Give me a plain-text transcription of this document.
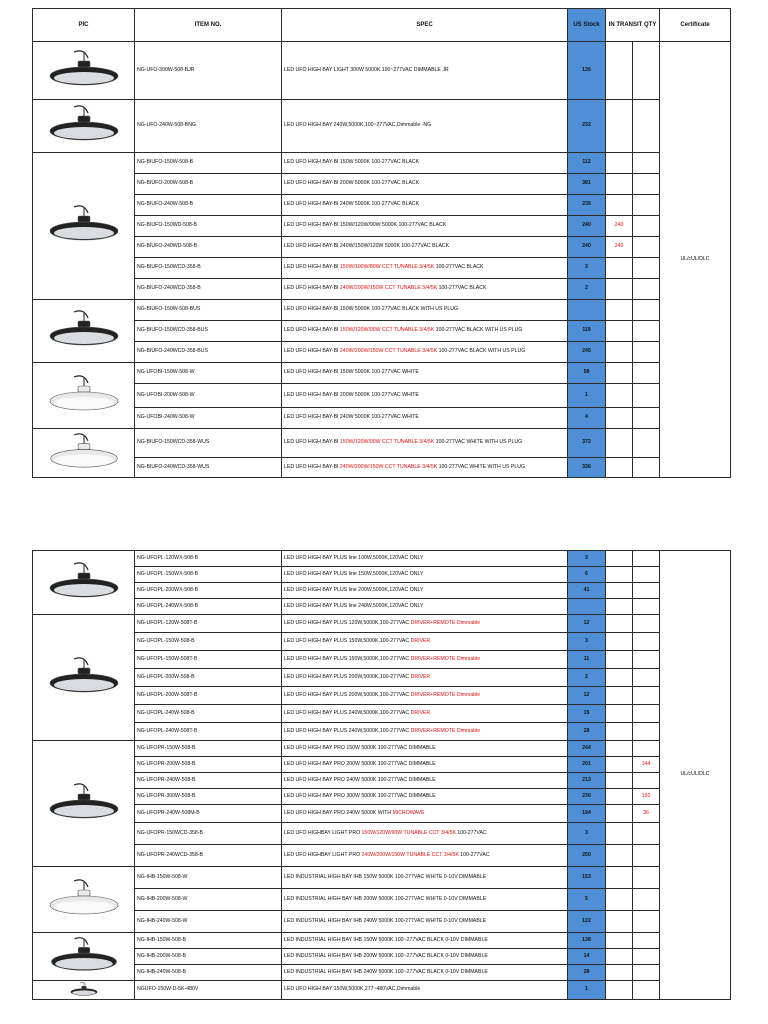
PIC	ITEM NO.	SPEC	US Stock	IN TRANSIT QTY		Certificate

	NG-UFO-300W-508-BJR	LED UFO HIGH BAY LIGHT 300W 5000K 100~277VAC DIMMABLE JR	136			UL/cUL/DLC

	NG-UFO-240W-508-BNG	LED UFO HIGH BAY 240W,5000K,100~277VAC,Dimmable -NG	232			

	NG-BIUFO-150W-508-B	LED UFO HIGH BAY-BI 150W 5000K 100-277VAC BLACK	112			
	NG-BIUFO-200W-508-B	LED UFO HIGH BAY-BI 200W 5000K 100-277VAC BLACK	381			
	NG-BIUFO-240W-508-B	LED UFO HIGH BAY-BI 240W 5000K 100-277VAC BLACK	235			
	NG-BIUFO-150WD-508-B	LED UFO HIGH BAY-BI 150W/120W/90W 5000K 100-277VAC BLACK	240	240		
	NG-BIUFO-240WD-508-B	LED UFO HIGH BAY-BI 240W/150W/120W 5000K 100-277VAC BLACK	240	240		
	NG-BIUFO-150WCD-358-B	LED UFO HIGH BAY-BI 150W/100W/80W CCT TUNABLE 3/4/5K 100-277VAC BLACK	3			
	NG-BIUFO-240WCD-358-B	LED UFO HIGH BAY-BI 240W/200W/150W CCT TUNABLE 3/4/5K 100-277VAC BLACK	2			

	NG-BIUFO-150W-508-BUS	LED UFO HIGH BAY-BI 150W 5000K 100-277VAC BLACK WITH US PLUG				
	NG-BIUFO-150WCD-358-BUS	LED UFO HIGH BAY-BI 150W/120W/90W CCT TUNABLE 3/4/5K 100-277VAC BLACK WITH US PLUG	119			
	NG-BIUFO-240WCD-358-BUS	LED UFO HIGH BAY-BI 240W/200W/150W CCT TUNABLE 3/4/5K 100-277VAC BLACK WITH US PLUG	245			

	NG-UFOBI-150W-508-W	LED UFO HIGH BAY-BI 150W 5000K 100-277VAC WHITE	58			
	NG-UFOBI-200W-508-W	LED UFO HIGH BAY-BI 200W 5000K 100-277VAC WHITE	1			
	NG-UFOBI-240W-508-W	LED UFO HIGH BAY-BI 240W 5000K 100-277VAC WHITE	4			

	NG-BIUFO-150WCD-358-WUS	LED UFO HIGH BAY-BI 150W/120W/90W CCT TUNABLE 3/4/5K 100-277VAC WHITE WITH US PLUG	372			
	NG-BIUFO-240WCD-358-WUS	LED UFO HIGH BAY-BI 240W/200W/150W CCT TUNABLE 3/4/5K 100-277VAC WHITE WITH US PLUG	336			
	NG-UFOPL-120WX-508-B	LED UFO HIGH BAY PLUS line 100W,5000K,120VAC ONLY	3			UL/cUL/DLC
	NG-UFOPL-150WX-508-B	LED UFO HIGH BAY PLUS line 150W,5000K,120VAC ONLY	6			
	NG-UFOPL-200WX-508-B	LED UFO HIGH BAY PLUS line 200W,5000K,120VAC ONLY	41			
	NG-UFOPL-240WX-508-B	LED UFO HIGH BAY PLUS line 240W,5000K,120VAC ONLY				

	NG-UFOPL-120W-508T-B	LED UFO HIGH BAY PLUS 120W,5000K,100-277VAC DRIVER+REMOTE Dimmable	12			
	NG-UFOPL-150W-508-B	LED UFO HIGH BAY PLUS 150W,5000K,100-277VAC DRIVER	3			
	NG-UFOPL-150W-508T-B	LED UFO HIGH BAY PLUS 150W,5000K,100-277VAC DRIVER+REMOTE Dimmable	11			
	NG-UFOPL-200W-508-B	LED UFO HIGH BAY PLUS 200W,5000K,100-277VAC DRIVER	2			
	NG-UFOPL-200W-508T-B	LED UFO HIGH BAY PLUS 200W,5000K,100-277VAC DRIVER+REMOTE Dimmable	12			
	NG-UFOPL-240W-508-B	LED UFO HIGH BAY PLUS 240W,5000K,100-277VAC DRIVER	15			
	NG-UFOPL-240W-508T-B	LED UFO HIGH BAY PLUS 240W,5000K,100-277VAC DRIVER+REMOTE Dimmable	28			

	NG-UFOPR-150W-508-B	LED UFO HIGH BAY PRO 150W 5000K 100-277VAC DIMMABLE	244			
	NG-UFOPR-200W-508-B	LED UFO HIGH BAY PRO 200W 5000K 100-277VAC DIMMABLE	201		144	
	NG-UFOPR-240W-508-B	LED UFO HIGH BAY PRO 240W 5000K 100-277VAC DIMMABLE	213			
	NG-UFOPR-300W-508-B	LED UFO HIGH BAY PRO 300W 5000K 100-277VAC DIMMABLE	230		150	
	NG-UFOPR-240W-508M-B	LED UFO HIGH BAY PRO 240W 5000K WITH MICROWAVE	194		36	
	NG-UFOPR-150WCD-358-B	LED UFO HIGHBAY LIGHT PRO 150W/120W/90W TUNABLE CCT 3/4/5K 100-277VAC	3			
	NG-UFOPR-240WCD-358-B	LED UFO HIGHBAY LIGHT PRO 240W/200W/150W TUNABLE CCT 3/4/5K 100-277VAC	250			

	NG-IHB-150W-508-W	LED INDUSTRIAL HIGH BAY IHB 150W 5000K 100-277VAC WHITE 0-10V DIMMABLE	153			
	NG-IHB-200W-508-W	LED INDUSTRIAL HIGH BAY IHB 200W 5000K 100-277VAC WHITE 0-10V DIMMABLE	5			
	NG-IHB-240W-508-W	LED INDUSTRIAL HIGH BAY IHB 240W 5000K 100-277VAC WHITE 0-10V DIMMABLE	122			

	NG-IHB-150W-508-B	LED INDUSTRIAL HIGH BAY IHB 150W 5000K 100~277VAC BLACK 0-10V DIMMABLE	138			
	NG-IHB-200W-508-B	LED INDUSTRIAL HIGH BAY IHB 200W 5000K 100~277VAC BLACK 0-10V DIMMABLE	14			
	NG-IHB-240W-508-B	LED INDUSTRIAL HIGH BAY IHB 240W 5000K 100~277VAC BLACK 0-10V DIMMABLE	28			

	NGUFO-150W-D-5K-480V	LED UFO HIGH BAY 150W,5000K,277~480VAC,Dimmable	1			
